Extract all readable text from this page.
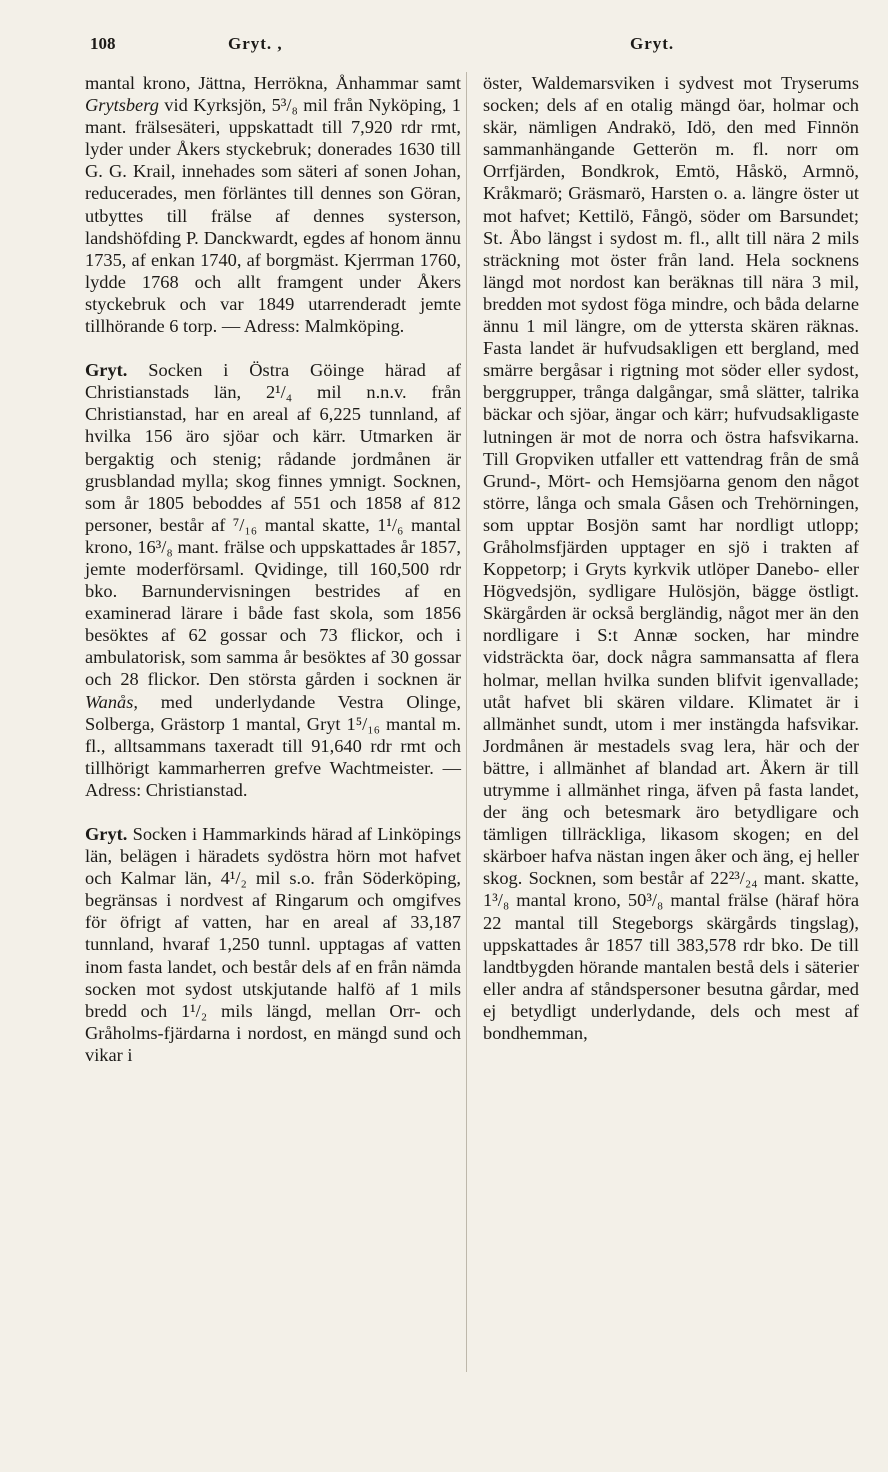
108	Gryt. ,	Gryt.

mantal krono, Jättna, Herrökna, Ånhammar samt Grytsberg vid Kyrksjön, 5³/₈ mil från Nyköping, 1 mant. frälsesäteri, uppskattadt till 7,920 rdr rmt, lyder under Åkers styckebruk; donerades 1630 till G. G. Krail, innehades som säteri af sonen Johan, reducerades, men förläntes till dennes son Göran, utbyttes till frälse af dennes systerson, landshöfding P. Danckwardt, egdes af honom ännu 1735, af enkan 1740, af borgmäst. Kjerrman 1760, lydde 1768 och allt framgent under Åkers styckebruk och var 1849 utarrenderadt jemte tillhörande 6 torp. — Adress: Malmköping.

Gryt. Socken i Östra Göinge härad af Christianstads län, 2¹/₄ mil n.n.v. från Christianstad, har en areal af 6,225 tunnland, af hvilka 156 äro sjöar och kärr. Utmarken är bergaktig och stenig; rådande jordmånen är grusblandad mylla; skog finnes ymnigt. Socknen, som år 1805 beboddes af 551 och 1858 af 812 personer, består af ⁷/₁₆ mantal skatte, 1¹/₆ mantal krono, 16³/₈ mant. frälse och uppskattades år 1857, jemte moderförsaml. Qvidinge, till 160,500 rdr bko. Barnundervisningen bestrides af en examinerad lärare i både fast skola, som 1856 besöktes af 62 gossar och 73 flickor, och i ambulatorisk, som samma år besöktes af 30 gossar och 28 flickor. Den största gården i socknen är Wanås, med underlydande Vestra Olinge, Solberga, Grästorp 1 mantal, Gryt 1⁵/₁₆ mantal m. fl., alltsammans taxeradt till 91,640 rdr rmt och tillhörigt kammarherren grefve Wachtmeister. — Adress: Christianstad.

Gryt. Socken i Hammarkinds härad af Linköpings län, belägen i häradets sydöstra hörn mot hafvet och Kalmar län, 4¹/₂ mil s.o. från Söderköping, begränsas i nordvest af Ringarum och omgifves för öfrigt af vatten, har en areal af 33,187 tunnland, hvaraf 1,250 tunnl. upptagas af vatten inom fasta landet, och består dels af en från nämda socken mot sydost utskjutande halfö af 1 mils bredd och 1¹/₂ mils längd, mellan Orr- och Gråholms-fjärdarna i nordost, en mängd sund och vikar i

öster, Waldemarsviken i sydvest mot Tryserums socken; dels af en otalig mängd öar, holmar och skär, nämligen Andrakö, Idö, den med Finnön sammanhängande Getterön m. fl. norr om Orrfjärden, Bondkrok, Emtö, Håskö, Armnö, Kråkmarö; Gräsmarö, Harsten o. a. längre öster ut mot hafvet; Kettilö, Fångö, söder om Barsundet; St. Åbo längst i sydost m. fl., allt till nära 2 mils sträckning mot öster från land. Hela socknens längd mot nordost kan beräknas till nära 3 mil, bredden mot sydost föga mindre, och båda delarne ännu 1 mil längre, om de yttersta skären räknas. Fasta landet är hufvudsakligen ett bergland, med smärre bergåsar i rigtning mot söder eller sydost, berggrupper, trånga dalgångar, små slätter, talrika bäckar och sjöar, ängar och kärr; hufvudsakligaste lutningen är mot de norra och östra hafsvikarna. Till Gropviken utfaller ett vattendrag från de små Grund-, Mört- och Hemsjöarna genom den något större, långa och smala Gåsen och Trehörningen, som upptar Bosjön samt har nordligt utlopp; Gråholmsfjärden upptager en sjö i trakten af Koppetorp; i Gryts kyrkvik utlöper Danebo- eller Högvedsjön, sydligare Hulösjön, bägge östligt. Skärgården är också bergländig, något mer än den nordligare i S:t Annæ socken, har mindre vidsträckta öar, dock några sammansatta af flera holmar, mellan hvilka sunden blifvit igenvallade; utåt hafvet bli skären vildare. Klimatet är i allmänhet sundt, utom i mer instängda hafsvikar. Jordmånen är mestadels svag lera, här och der bättre, i allmänhet af blandad art. Åkern är till utrymme i allmänhet ringa, äfven på fasta landet, der äng och betesmark äro betydligare och tämligen tillräckliga, likasom skogen; en del skärboer hafva nästan ingen åker och äng, ej heller skog. Socknen, som består af 22²³/₂₄ mant. skatte, 1³/₈ mantal krono, 50³/₈ mantal frälse (häraf höra 22 mantal till Stegeborgs skärgårds tingslag), uppskattades år 1857 till 383,578 rdr bko. De till landtbygden hörande mantalen bestå dels i säterier eller andra af ståndspersoner besutna gårdar, med ej betydligt underlydande, dels och mest af bondhemman,
